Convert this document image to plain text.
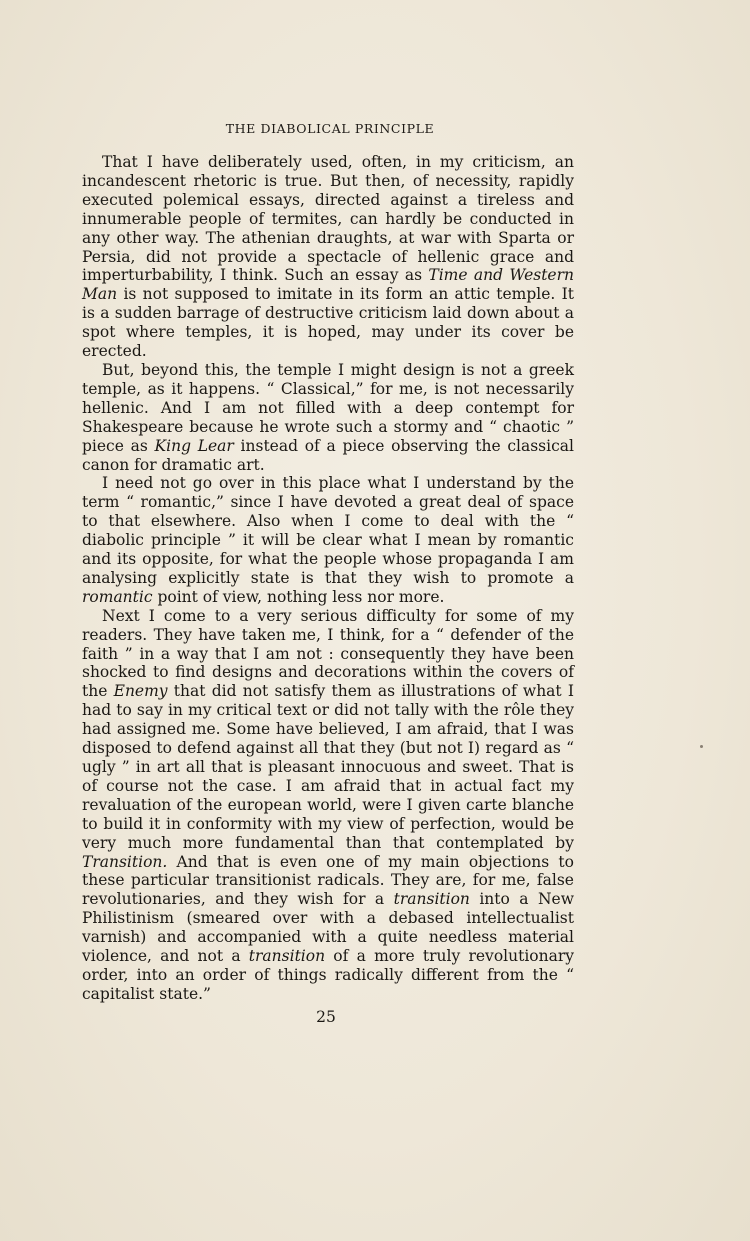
THE DIABOLICAL PRINCIPLE

That I have deliberately used, often, in my criticism, an incandescent rhetoric is true. But then, of necessity, rapidly executed polemical essays, directed against a tireless and innumerable people of termites, can hardly be conducted in any other way. The athenian draughts, at war with Sparta or Persia, did not provide a spectacle of hellenic grace and imperturbability, I think. Such an essay as Time and Western Man is not supposed to imitate in its form an attic temple. It is a sudden barrage of destructive criticism laid down about a spot where temples, it is hoped, may under its cover be erected.

But, beyond this, the temple I might design is not a greek temple, as it happens. “ Classical,” for me, is not necessarily hellenic. And I am not filled with a deep contempt for Shakespeare because he wrote such a stormy and “ chaotic ” piece as King Lear instead of a piece observing the classical canon for dramatic art.

I need not go over in this place what I understand by the term “ romantic,” since I have devoted a great deal of space to that elsewhere. Also when I come to deal with the “ diabolic principle ” it will be clear what I mean by romantic and its opposite, for what the people whose propaganda I am analysing explicitly state is that they wish to promote a romantic point of view, nothing less nor more.

Next I come to a very serious difficulty for some of my readers. They have taken me, I think, for a “ defender of the faith ” in a way that I am not : consequently they have been shocked to find designs and decorations within the covers of the Enemy that did not satisfy them as illustrations of what I had to say in my critical text or did not tally with the rôle they had assigned me. Some have believed, I am afraid, that I was disposed to defend against all that they (but not I) regard as “ ugly ” in art all that is pleasant innocuous and sweet. That is of course not the case. I am afraid that in actual fact my revaluation of the european world, were I given carte blanche to build it in conformity with my view of perfection, would be very much more fundamental than that contemplated by Transition. And that is even one of my main objections to these particular transitionist radicals. They are, for me, false revolutionaries, and they wish for a transition into a New Philistinism (smeared over with a debased intellectualist varnish) and accompanied with a quite needless material violence, and not a transition of a more truly revolutionary order, into an order of things radically different from the “ capitalist state.”

25
